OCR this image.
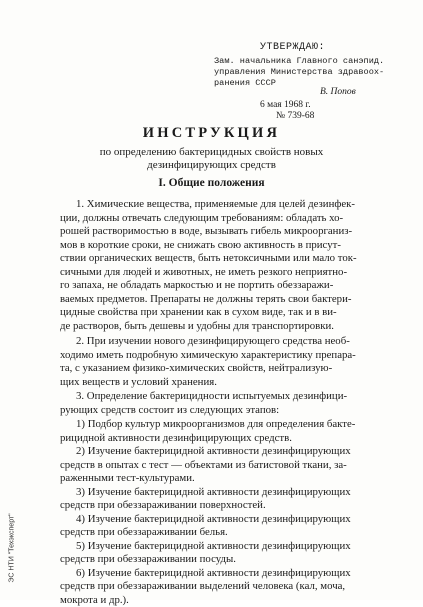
УТВЕРЖДАЮ:
Зам. начальника Главного санэпид.
управления Министерства здравоох-
ранения СССР
В. Попов
6 мая 1968 г.
№ 739-68
ИНСТРУКЦИЯ
по определению бактерицидных свойств новых
дезинфицирующих средств
I. Общие положения
1. Химические вещества, применяемые для целей дезинфек-
ции, должны отвечать следующим требованиям: обладать хо-
рошей растворимостью в воде, вызывать гибель микроорганиз-
мов в короткие сроки, не снижать свою активность в присут-
ствии органических веществ, быть нетоксичными или мало ток-
сичными для людей и животных, не иметь резкого неприятно-
го запаха, не обладать маркостью и не портить обеззаражи-
ваемых предметов. Препараты не должны терять свои бактери-
цидные свойства при хранении как в сухом виде, так и в ви-
де растворов, быть дешевы и удобны для транспортировки.
2. При изучении нового дезинфицирующего средства необ-
ходимо иметь подробную химическую характеристику препара-
та, с указанием физико-химических свойств, нейтрализую-
щих веществ и условий хранения.
3. Определение бактерицидности испытуемых дезинфици-
рующих средств состоит из следующих этапов:
1) Подбор культур микроорганизмов для определения бакте-
рицидной активности дезинфицирующих средств.
2) Изучение бактерицидной активности дезинфицирующих
средств в опытах с тест — объектами из батистовой ткани, за-
раженными тест-культурами.
3) Изучение бактерицидной активности дезинфицирующих
средств при обеззараживании поверхностей.
4) Изучение бактерицидной активности дезинфицирующих
средств при обеззараживании белья.
5) Изучение бактерицидной активности дезинфицирующих
средств при обеззараживании посуды.
6) Изучение бактерицидной активности дезинфицирующих
средств при обеззараживании выделений человека (кал, моча,
мокрота и др.).
ЭС НТИ "Техэксперт"
